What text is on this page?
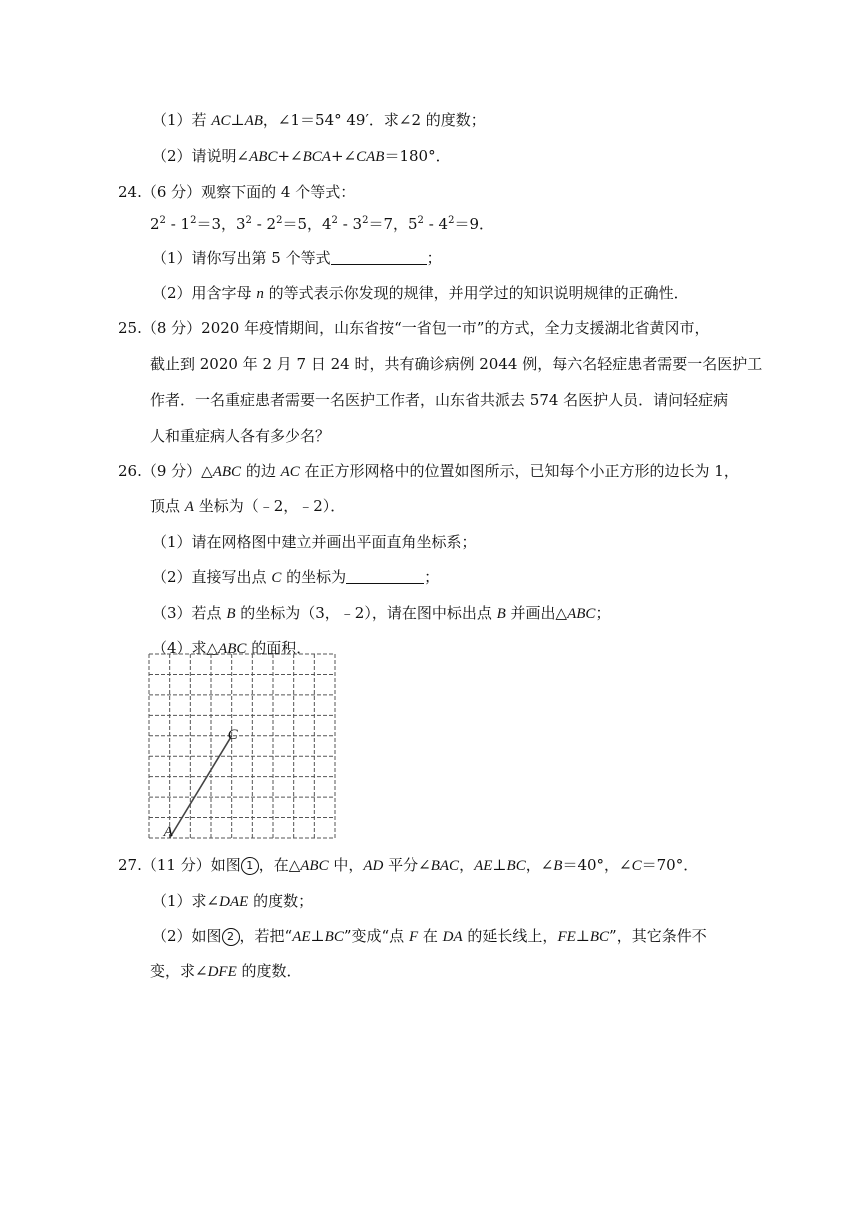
（1）若 AC⊥AB，∠1＝54° 49′．求∠2 的度数；
（2）请说明∠ABC+∠BCA+∠CAB＝180°．
24.（6 分）观察下面的 4 个等式：
$2^2 - 1^2=3$，$3^2 - 2^2=5$，$4^2 - 3^2=7$，$5^2 - 4^2=9$．
（1）请你写出第 5 个等式	；
（2）用含字母 n 的等式表示你发现的规律，并用学过的知识说明规律的正确性．
25.（8 分）2020 年疫情期间，山东省按“一省包一市”的方式，全力支援湖北省黄冈市，
截止到 2020 年 2 月 7 日 24 时，共有确诊病例 2044 例，每六名轻症患者需要一名医护工
作者．一名重症患者需要一名医护工作者，山东省共派去 574 名医护人员．请问轻症病
人和重症病人各有多少名？
26.（9 分）△ABC 的边 AC 在正方形网格中的位置如图所示，已知每个小正方形的边长为 1，
顶点 A 坐标为（﹣2，﹣2）．
（1）请在网格图中建立并画出平面直角坐标系；
（2）直接写出点 C 的坐标为	；
（3）若点 B 的坐标为（3，﹣2），请在图中标出点 B 并画出△ABC；
（4）求△ABC 的面积．
C
A
27.（11 分）如图 1 ，在△ABC 中，AD 平分∠BAC，AE⊥BC，∠B＝40°，∠C＝70°．
（1）求∠DAE 的度数；
（2）如图 2 ，若把“AE⊥BC”变成“点 F 在 DA 的延长线上，FE⊥BC”，其它条件不
变，求∠DFE 的度数．
